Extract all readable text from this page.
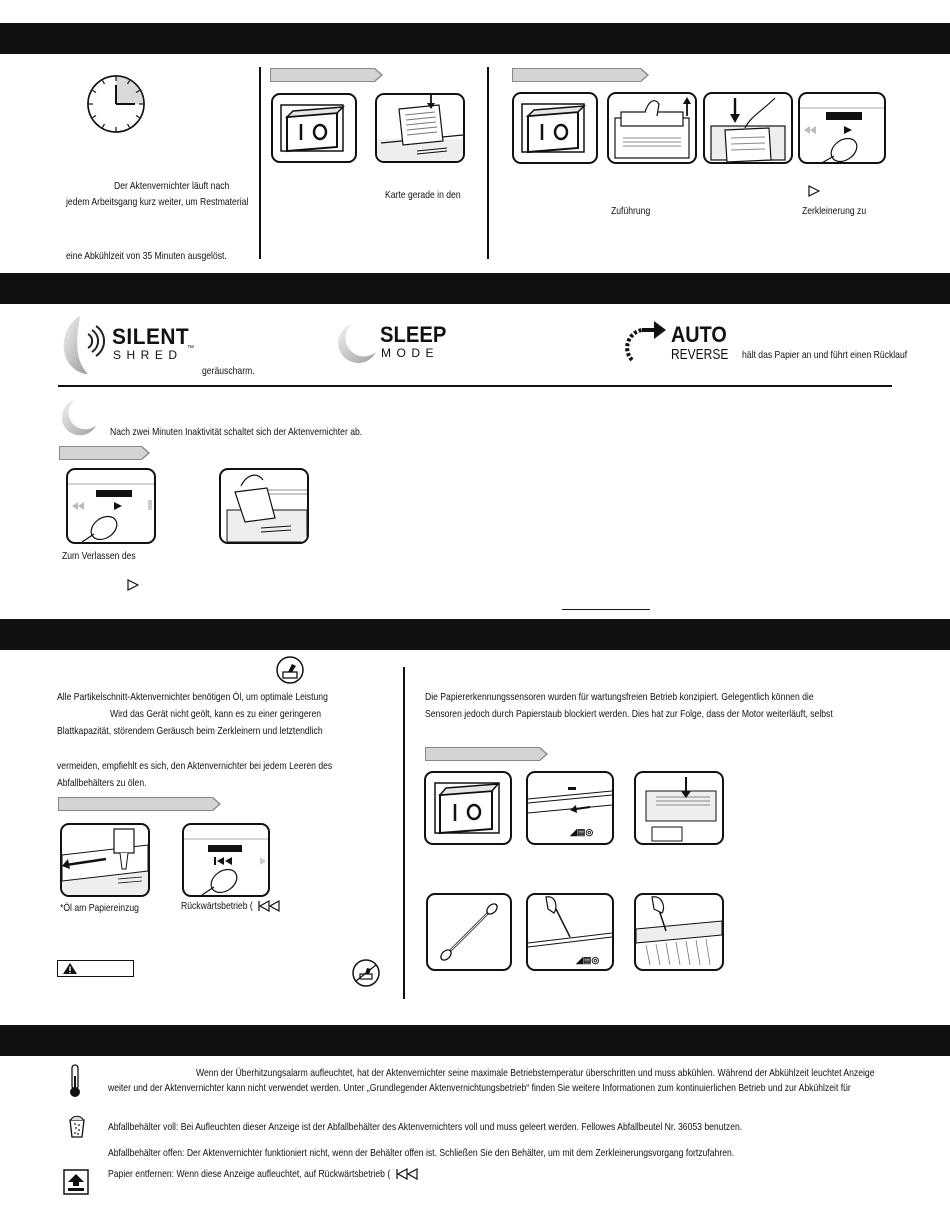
Der Aktenvernichter läuft nach
jedem Arbeitsgang kurz weiter, um Restmaterial
eine Abkühlzeit von 35 Minuten ausgelöst.
Karte gerade in den
Zuführung	Zerkleinerung zu
SILENT
SHRED ™
geräuscharm.
SLEEP
MODE
AUTO
REVERSE hält das Papier an und führt einen Rücklauf
Nach zwei Minuten Inaktivität schaltet sich der Aktenvernichter ab.
Zum Verlassen des
Alle Partikelschnitt-Aktenvernichter benötigen Öl, um optimale Leistung
Wird das Gerät nicht geölt, kann es zu einer geringeren
Blattkapazität, störendem Geräusch beim Zerkleinern und letztendlich
vermeiden, empfiehlt es sich, den Aktenvernichter bei jedem Leeren des
Abfallbehälters zu ölen.
*Öl am Papiereinzug	Rückwärtsbetrieb (
Die Papiererkennungssensoren wurden für wartungsfreien Betrieb konzipiert. Gelegentlich können die
Sensoren jedoch durch Papierstaub blockiert werden. Dies hat zur Folge, dass der Motor weiterläuft, selbst
◢▤◎
◢▤◎
Wenn der Überhitzungsalarm aufleuchtet, hat der Aktenvernichter seine maximale Betriebstemperatur überschritten und muss abkühlen. Während der Abkühlzeit leuchtet Anzeige
weiter und der Aktenvernichter kann nicht verwendet werden. Unter „Grundlegender Aktenvernichtungsbetrieb“ finden Sie weitere Informationen zum kontinuierlichen Betrieb und zur Abkühlzeit für
Abfallbehälter voll: Bei Aufleuchten dieser Anzeige ist der Abfallbehälter des Aktenvernichters voll und muss geleert werden. Fellowes Abfallbeutel Nr. 36053 benutzen.
Abfallbehälter offen: Der Aktenvernichter funktioniert nicht, wenn der Behälter offen ist. Schließen Sie den Behälter, um mit dem Zerkleinerungsvorgang fortzufahren.
Papier entfernen: Wenn diese Anzeige aufleuchtet, auf Rückwärtsbetrieb (
